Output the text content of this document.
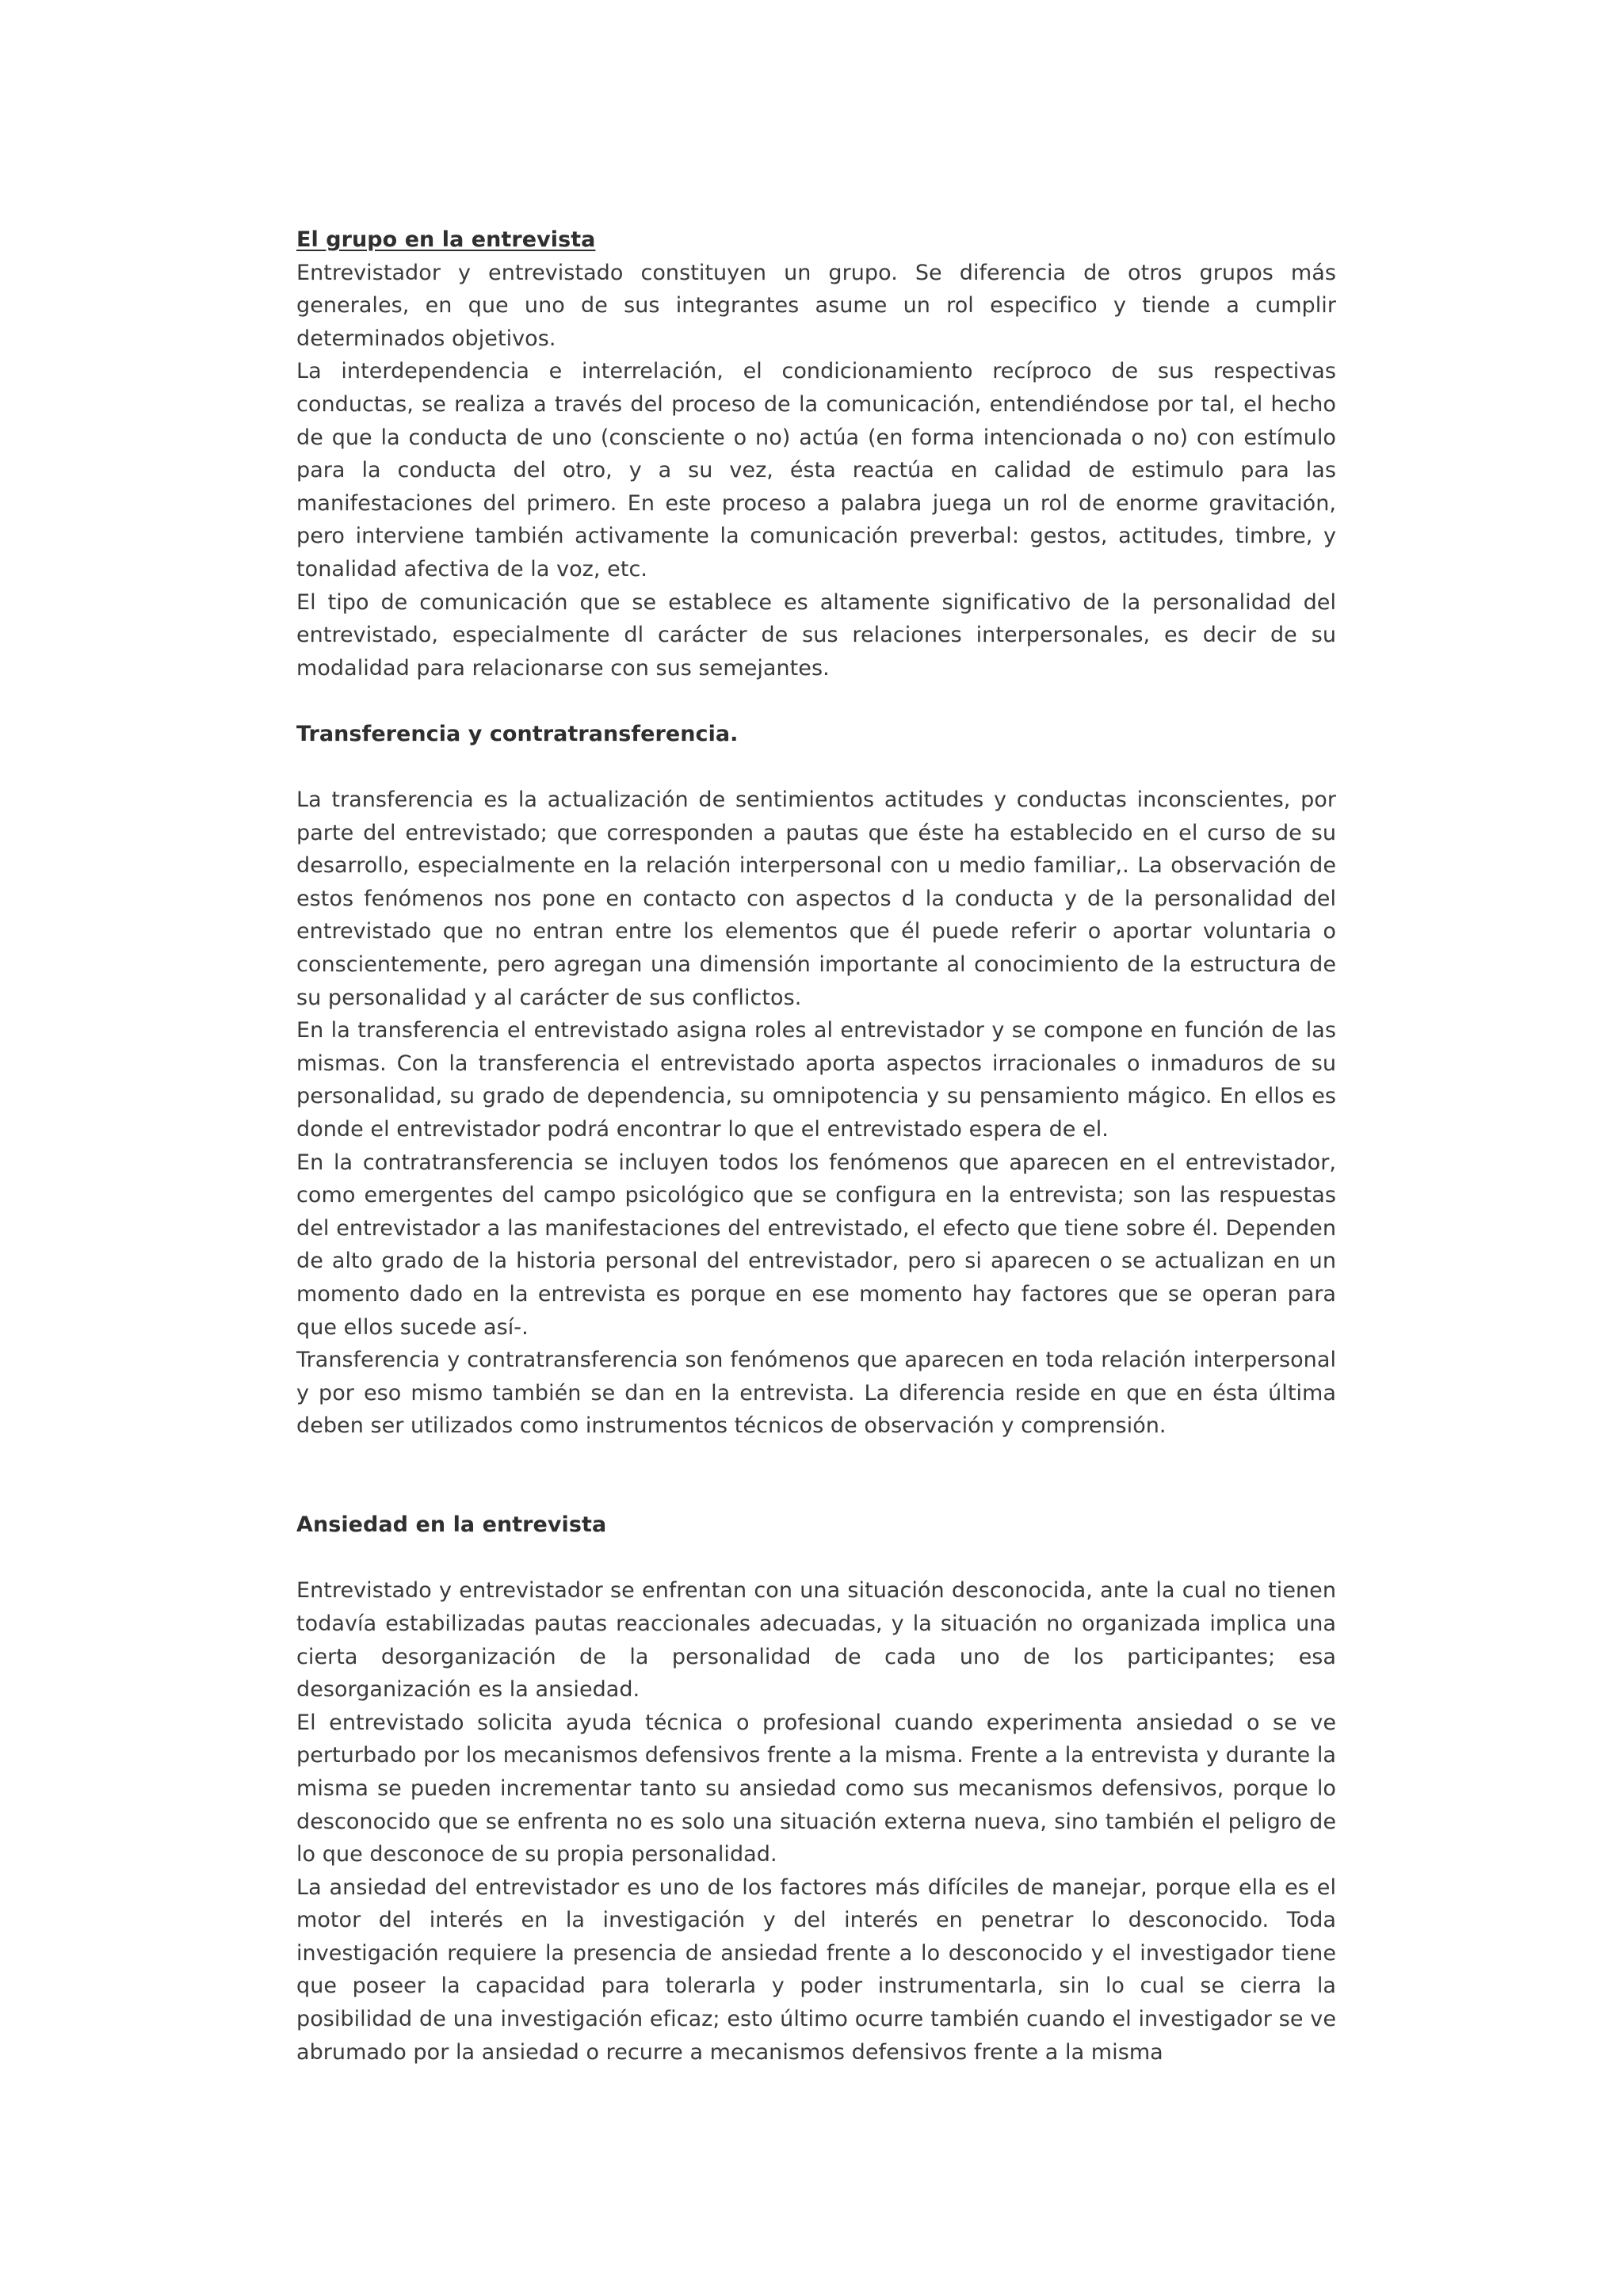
El grupo en la entrevista

Entrevistador y entrevistado constituyen un grupo. Se diferencia de otros grupos más generales, en que uno de sus integrantes asume un rol especifico y tiende a cumplir determinados objetivos.

La interdependencia e interrelación, el condicionamiento recíproco de sus respectivas conductas, se realiza a través del proceso de la comunicación, entendiéndose por tal, el hecho de que la conducta de uno (consciente o no) actúa (en forma intencionada o no) con estímulo para la conducta del otro, y a su vez, ésta reactúa en calidad de estimulo para las manifestaciones del primero. En este proceso a palabra juega un rol de enorme gravitación, pero interviene también activamente la comunicación preverbal: gestos, actitudes, timbre, y tonalidad afectiva de la voz, etc.

El tipo de comunicación que se establece es altamente significativo de la personalidad del entrevistado, especialmente dl carácter de sus relaciones interpersonales, es decir de su modalidad para relacionarse con sus semejantes.

Transferencia y contratransferencia.

La transferencia es la actualización de sentimientos actitudes y conductas inconscientes, por parte del entrevistado; que corresponden a pautas que éste ha establecido en el curso de su desarrollo, especialmente en la relación interpersonal con u medio familiar,. La observación de estos fenómenos nos pone en contacto con aspectos d la conducta y de la personalidad del entrevistado que no entran entre los elementos que él puede referir o aportar voluntaria o conscientemente, pero agregan una dimensión importante al conocimiento de la estructura de su personalidad y al carácter de sus conflictos.

En la transferencia el entrevistado asigna roles al entrevistador y se compone en función de las mismas. Con la transferencia el entrevistado aporta aspectos irracionales o inmaduros de su personalidad, su grado de dependencia, su omnipotencia y su pensamiento mágico. En ellos es donde el entrevistador podrá encontrar lo que el entrevistado espera de el.

En la contratransferencia se incluyen todos los fenómenos que aparecen en el entrevistador, como emergentes del campo psicológico que se configura en la entrevista; son las respuestas del entrevistador a las manifestaciones del entrevistado, el efecto que tiene sobre él. Dependen de alto grado de la historia personal del entrevistador, pero si aparecen o se actualizan en un momento dado en la entrevista es porque en ese momento hay factores que se operan para que ellos sucede así-.

Transferencia y contratransferencia son fenómenos que aparecen en toda relación interpersonal y por eso mismo también se dan en la entrevista. La diferencia reside en que en ésta última deben ser utilizados como instrumentos técnicos de observación y comprensión.

Ansiedad en la entrevista

Entrevistado y entrevistador se enfrentan con una situación desconocida, ante la cual no tienen todavía estabilizadas pautas reaccionales adecuadas, y la situación no organizada implica una cierta desorganización de la personalidad de cada uno de los participantes; esa desorganización es la ansiedad.

El entrevistado solicita ayuda técnica o profesional cuando experimenta ansiedad o se ve perturbado por los mecanismos defensivos frente a la misma. Frente a la entrevista y durante la misma se pueden incrementar tanto su ansiedad como sus mecanismos defensivos, porque lo desconocido que se enfrenta no es solo una situación externa nueva, sino también el peligro de lo que desconoce de su propia personalidad.

La ansiedad del entrevistador es uno de los factores más difíciles de manejar, porque ella es el motor del interés en la investigación y del interés en penetrar lo desconocido. Toda investigación requiere la presencia de ansiedad frente a lo desconocido y el investigador tiene que poseer la capacidad para tolerarla y poder instrumentarla, sin lo cual se cierra la posibilidad de una investigación eficaz; esto último ocurre también cuando el investigador se ve abrumado por la ansiedad o recurre a mecanismos defensivos frente a la misma
